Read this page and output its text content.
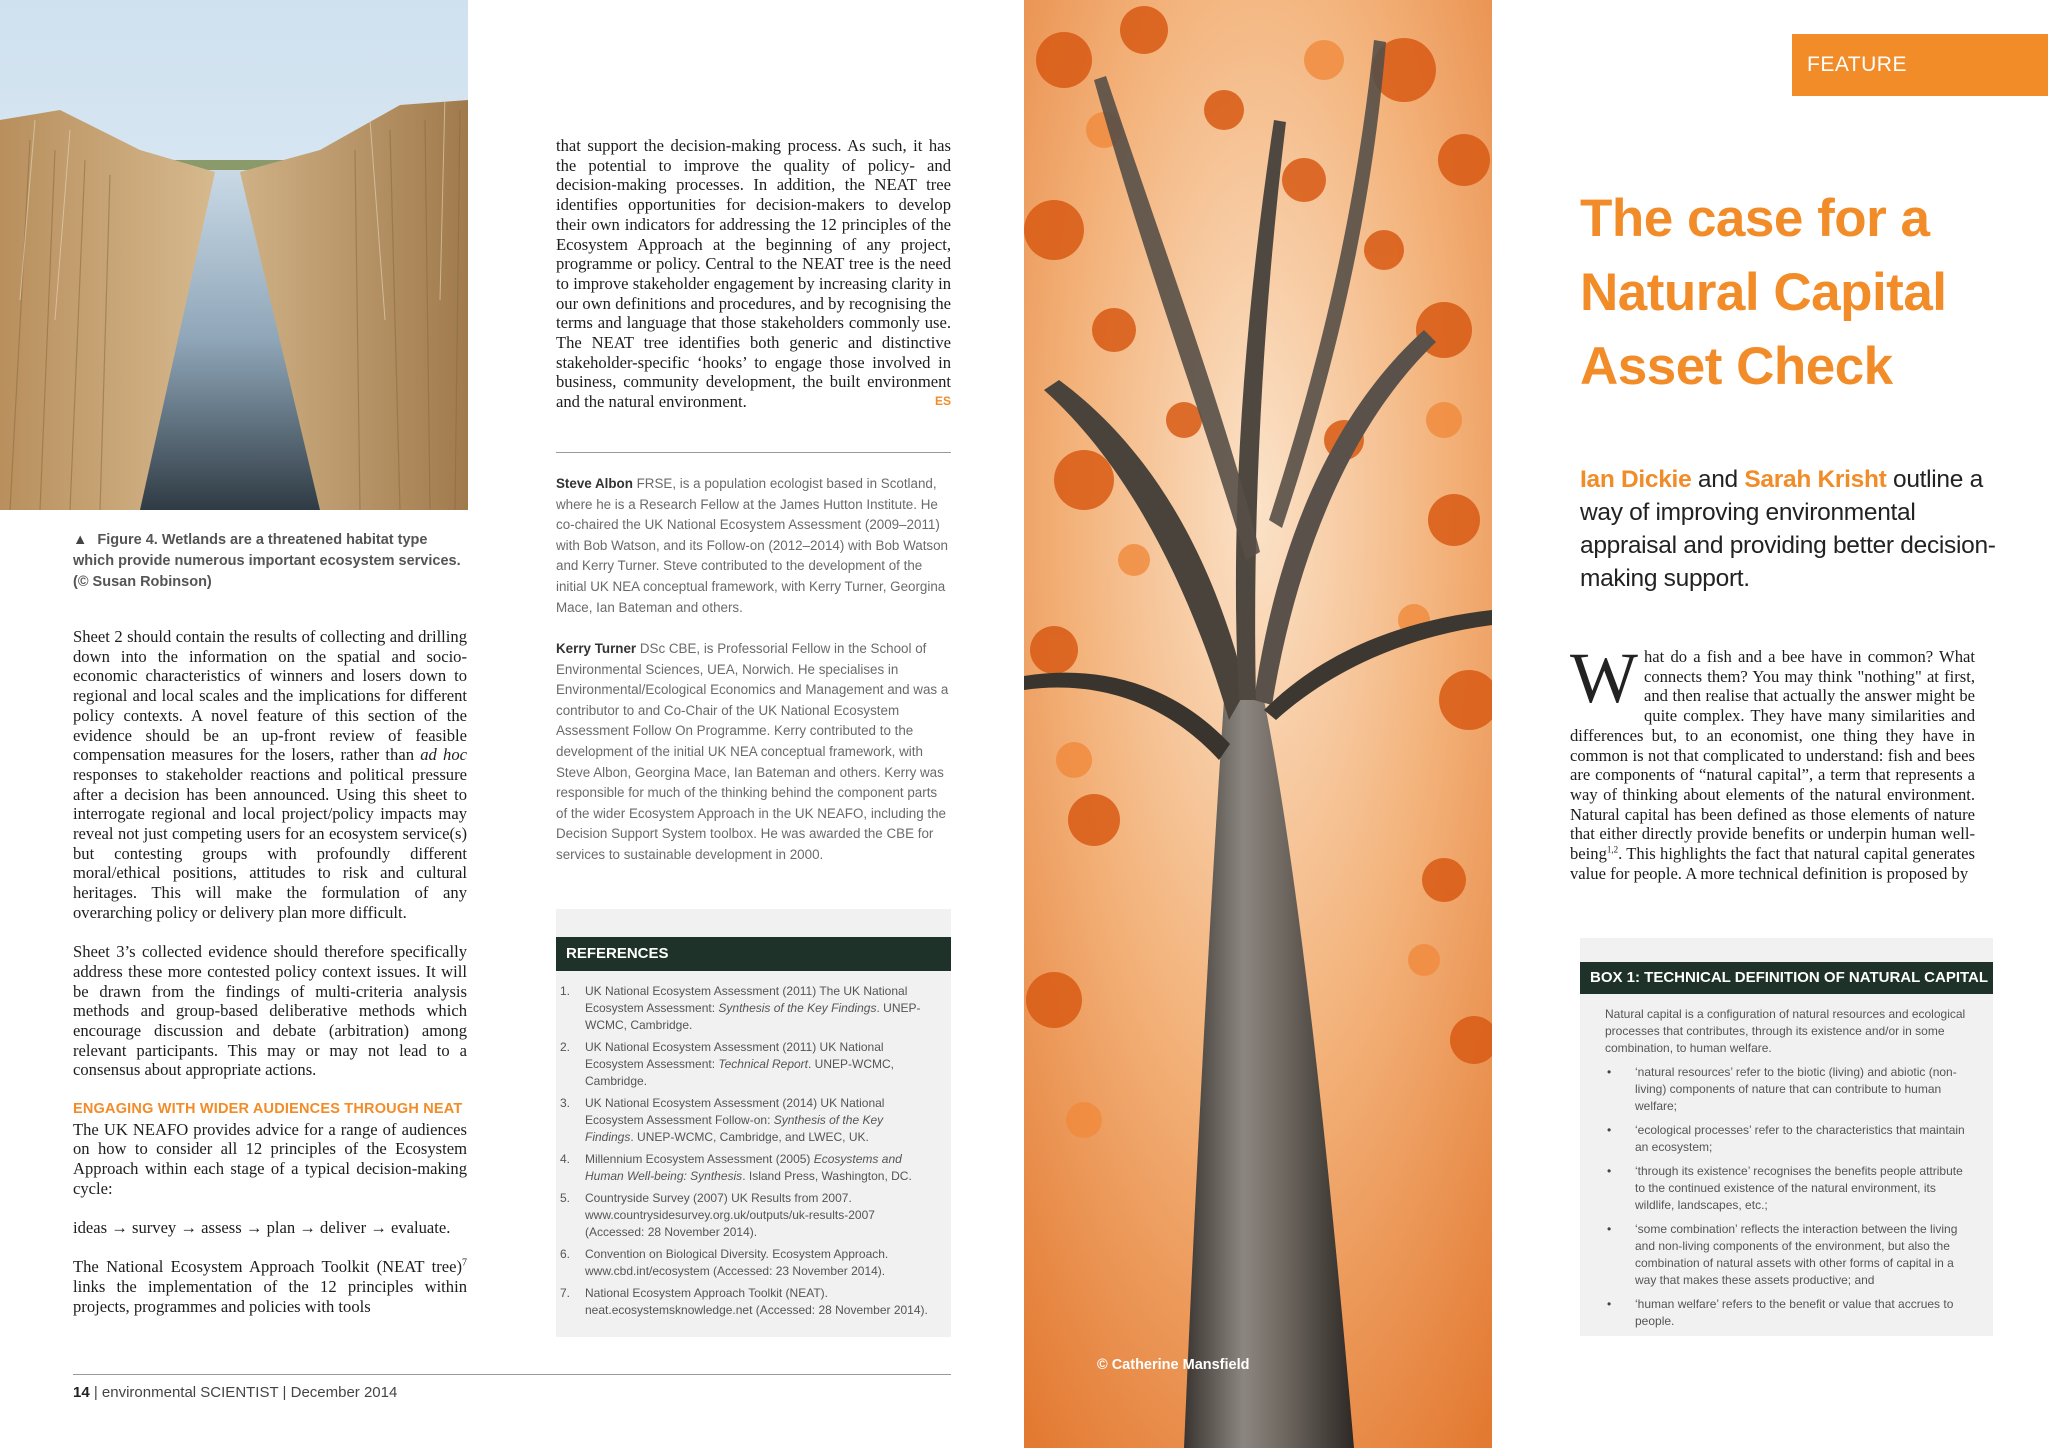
▲ Figure 4. Wetlands are a threatened habitat type which provide numerous important ecosystem services. (© Susan Robinson)

Sheet 2 should contain the results of collecting and drilling down into the information on the spatial and socio-economic characteristics of winners and losers down to regional and local scales and the implications for different policy contexts. A novel feature of this section of the evidence should be an up-front review of feasible compensation measures for the losers, rather than ad hoc responses to stakeholder reactions and political pressure after a decision has been announced. Using this sheet to interrogate regional and local project/policy impacts may reveal not just competing users for an ecosystem service(s) but contesting groups with profoundly different moral/ethical positions, attitudes to risk and cultural heritages. This will make the formulation of any overarching policy or delivery plan more difficult.

Sheet 3’s collected evidence should therefore specifically address these more contested policy context issues. It will be drawn from the findings of multi-criteria analysis methods and group-based deliberative methods which encourage discussion and debate (arbitration) among relevant participants. This may or may not lead to a consensus about appropriate actions.

ENGAGING WITH WIDER AUDIENCES THROUGH NEAT

The UK NEAFO provides advice for a range of audiences on how to consider all 12 principles of the Ecosystem Approach within each stage of a typical decision-making cycle:

ideas → survey → assess → plan → deliver → evaluate.

The National Ecosystem Approach Toolkit (NEAT tree)$^7$ links the implementation of the 12 principles within projects, programmes and policies with tools

that support the decision-making process. As such, it has the potential to improve the quality of policy- and decision-making processes. In addition, the NEAT tree identifies opportunities for decision-makers to develop their own indicators for addressing the 12 principles of the Ecosystem Approach at the beginning of any project, programme or policy. Central to the NEAT tree is the need to improve stakeholder engagement by increasing clarity in our own definitions and procedures, and by recognising the terms and language that those stakeholders commonly use. The NEAT tree identifies both generic and distinctive stakeholder-specific ‘hooks’ to engage those involved in business, community development, the built environment and the natural environment.	ES
Steve Albon FRSE, is a population ecologist based in Scotland, where he is a Research Fellow at the James Hutton Institute. He co-chaired the UK National Ecosystem Assessment (2009–2011) with Bob Watson, and its Follow-on (2012–2014) with Bob Watson and Kerry Turner. Steve contributed to the development of the initial UK NEA conceptual framework, with Kerry Turner, Georgina Mace, Ian Bateman and others.
Kerry Turner DSc CBE, is Professorial Fellow in the School of Environmental Sciences, UEA, Norwich. He specialises in Environmental/Ecological Economics and Management and was a contributor to and Co-Chair of the UK National Ecosystem Assessment Follow On Programme. Kerry contributed to the development of the initial UK NEA conceptual framework, with Steve Albon, Georgina Mace, Ian Bateman and others. Kerry was responsible for much of the thinking behind the component parts of the wider Ecosystem Approach in the UK NEAFO, including the Decision Support System toolbox. He was awarded the CBE for services to sustainable development in 2000.
REFERENCES
1. UK National Ecosystem Assessment (2011) The UK National Ecosystem Assessment: Synthesis of the Key Findings. UNEP-WCMC, Cambridge.
2. UK National Ecosystem Assessment (2011) UK National Ecosystem Assessment: Technical Report. UNEP-WCMC, Cambridge.
3. UK National Ecosystem Assessment (2014) UK National Ecosystem Assessment Follow-on: Synthesis of the Key Findings. UNEP-WCMC, Cambridge, and LWEC, UK.
4. Millennium Ecosystem Assessment (2005) Ecosystems and Human Well-being: Synthesis. Island Press, Washington, DC.
5. Countryside Survey (2007) UK Results from 2007. www.countrysidesurvey.org.uk/outputs/uk-results-2007 (Accessed: 28 November 2014).
6. Convention on Biological Diversity. Ecosystem Approach. www.cbd.int/ecosystem (Accessed: 23 November 2014).
7. National Ecosystem Approach Toolkit (NEAT). neat.ecosystemsknowledge.net (Accessed: 28 November 2014).
14 | environmental SCIENTIST | December 2014
© Catherine Mansfield
FEATURE
The case for a
Natural Capital
Asset Check
Ian Dickie and Sarah Krisht outline a way of improving environmental appraisal and providing better decision-making support.
What do a fish and a bee have in common? What connects them? You may think "nothing" at first, and then realise that actually the answer might be quite complex. They have many similarities and differences but, to an economist, one thing they have in common is not that complicated to understand: fish and bees are components of “natural capital”, a term that represents a way of thinking about elements of the natural environment. Natural capital has been defined as those elements of nature that either directly provide benefits or underpin human well-being$^{1,2}$. This highlights the fact that natural capital generates value for people. A more technical definition is proposed by
BOX 1: TECHNICAL DEFINITION OF NATURAL CAPITAL

Natural capital is a configuration of natural resources and ecological processes that contributes, through its existence and/or in some combination, to human welfare.

• ‘natural resources’ refer to the biotic (living) and abiotic (non-living) components of nature that can contribute to human welfare;
• ‘ecological processes’ refer to the characteristics that maintain an ecosystem;
• ‘through its existence’ recognises the benefits people attribute to the continued existence of the natural environment, its wildlife, landscapes, etc.;
• ‘some combination’ reflects the interaction between the living and non-living components of the environment, but also the combination of natural assets with other forms of capital in a way that makes these assets productive; and
• ‘human welfare’ refers to the benefit or value that accrues to people.
